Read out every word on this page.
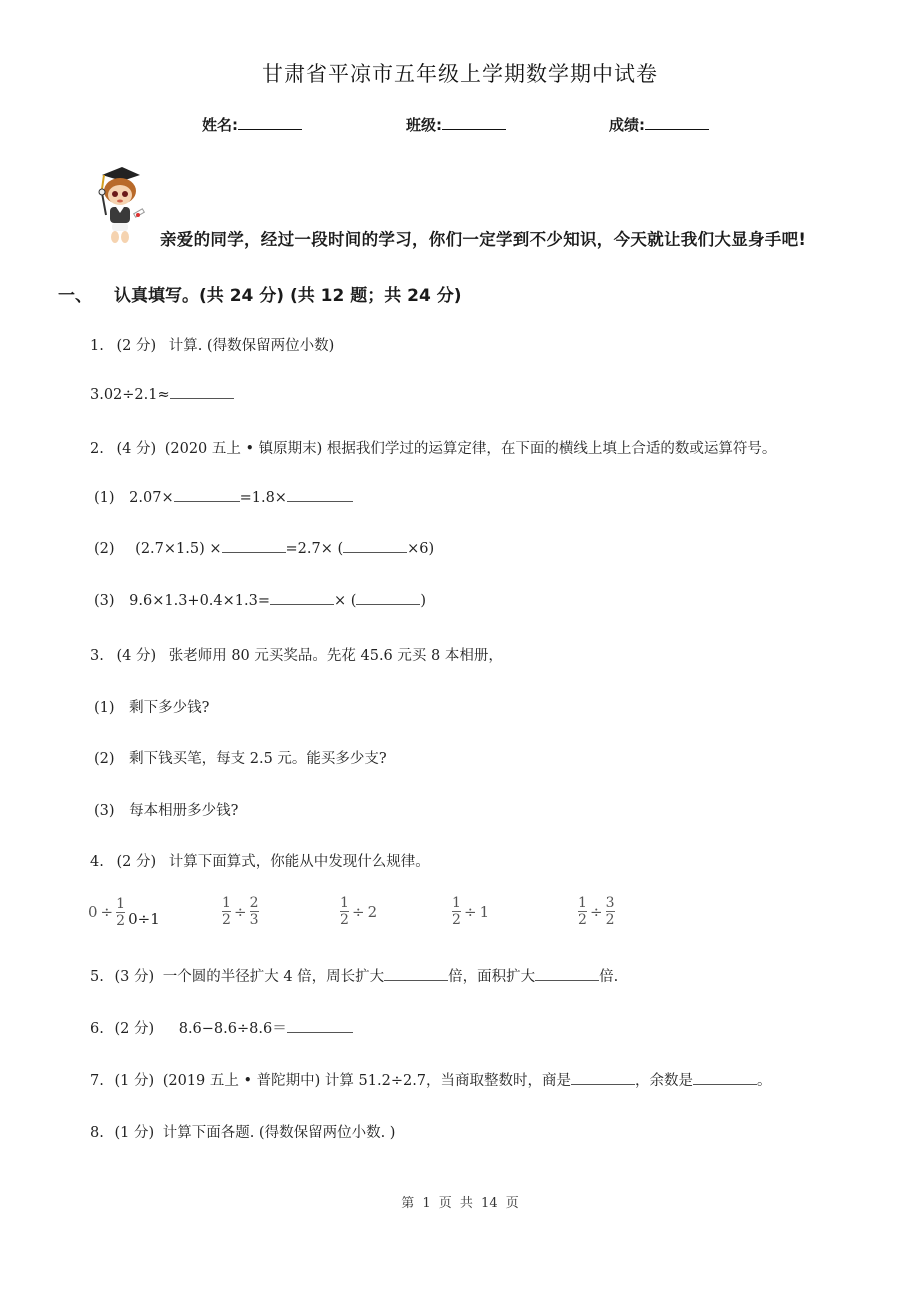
甘肃省平凉市五年级上学期数学期中试卷
姓名:	班级:	成绩:
亲爱的同学，经过一段时间的学习，你们一定学到不少知识，今天就让我们大显身手吧!
一、 认真填写。(共 24 分) (共 12 题；共 24 分)
1. (2 分) 计算. (得数保留两位小数)
3.02÷2.1≈
2. (4 分) (2020 五上 • 镇原期末) 根据我们学过的运算定律，在下面的横线上填上合适的数或运算符号。
(1) 2.07×	=1.8×
(2) (2.7×1.5) ×	=2.7× (	×6)
(3) 9.6×1.3+0.4×1.3=	× (	)
3. (4 分) 张老师用 80 元买奖品。先花 45.6 元买 8 本相册，
(1) 剩下多少钱?
(2) 剩下钱买笔，每支 2.5 元。能买多少支?
(3) 每本相册多少钱?
4. (2 分) 计算下面算式，你能从中发现什么规律。
$0 \div \frac{1}{2} 0\div 1$	$\frac{1}{2} \div \frac{2}{3}$	$\frac{1}{2} \div 2$	$\frac{1}{2} \div 1$	$\frac{1}{2} \div \frac{3}{2}$
5. (3 分) 一个圆的半径扩大 4 倍，周长扩大	倍，面积扩大	倍.
6. (2 分) 8.6−8.6÷8.6＝
7. (1 分) (2019 五上 • 普陀期中) 计算 51.2÷2.7，当商取整数时，商是	，余数是	。
8. (1 分) 计算下面各题. (得数保留两位小数. )
第 1 页 共 14 页
